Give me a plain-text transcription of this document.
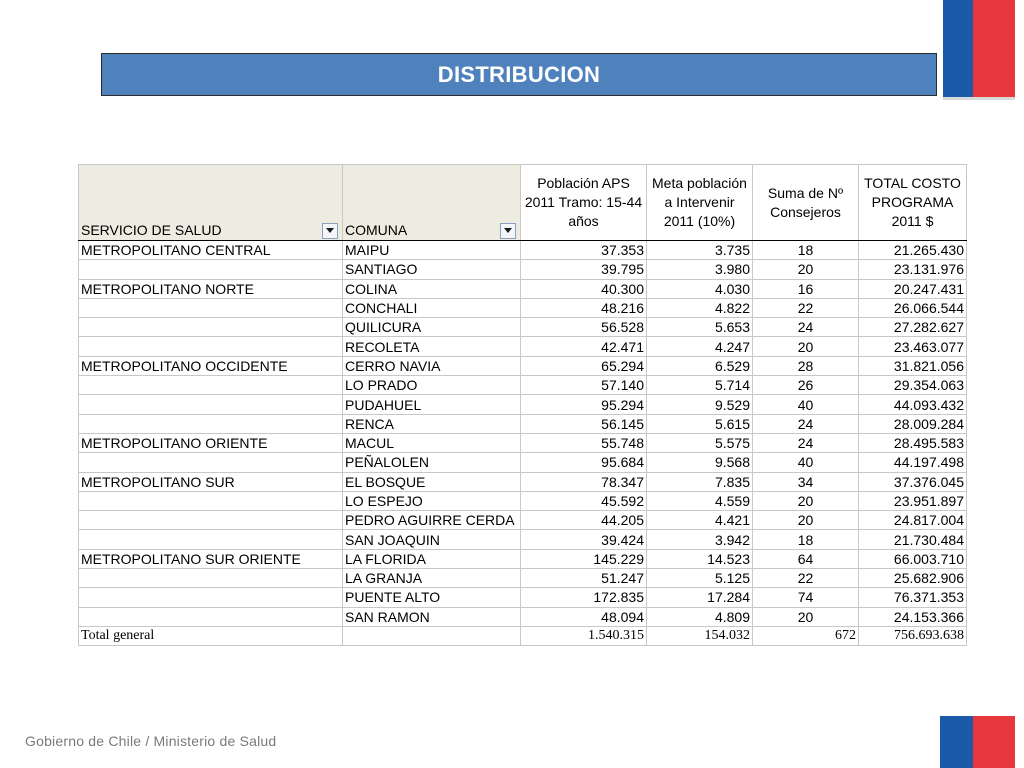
DISTRIBUCION
SERVICIO DE SALUD	COMUNA	Población APS 2011 Tramo: 15-44 años	Meta población a Intervenir 2011 (10%)	Suma de Nº Consejeros	TOTAL COSTO PROGRAMA 2011 $
METROPOLITANO CENTRAL	MAIPU	37.353	3.735	18	21.265.430
	SANTIAGO	39.795	3.980	20	23.131.976
METROPOLITANO NORTE	COLINA	40.300	4.030	16	20.247.431
	CONCHALI	48.216	4.822	22	26.066.544
	QUILICURA	56.528	5.653	24	27.282.627
	RECOLETA	42.471	4.247	20	23.463.077
METROPOLITANO OCCIDENTE	CERRO NAVIA	65.294	6.529	28	31.821.056
	LO PRADO	57.140	5.714	26	29.354.063
	PUDAHUEL	95.294	9.529	40	44.093.432
	RENCA	56.145	5.615	24	28.009.284
METROPOLITANO ORIENTE	MACUL	55.748	5.575	24	28.495.583
	PEÑALOLEN	95.684	9.568	40	44.197.498
METROPOLITANO SUR	EL BOSQUE	78.347	7.835	34	37.376.045
	LO ESPEJO	45.592	4.559	20	23.951.897
	PEDRO AGUIRRE CERDA	44.205	4.421	20	24.817.004
	SAN JOAQUIN	39.424	3.942	18	21.730.484
METROPOLITANO SUR ORIENTE	LA FLORIDA	145.229	14.523	64	66.003.710
	LA GRANJA	51.247	5.125	22	25.682.906
	PUENTE ALTO	172.835	17.284	74	76.371.353
	SAN RAMON	48.094	4.809	20	24.153.366
Total general		1.540.315	154.032	672	756.693.638
Gobierno de Chile / Ministerio de Salud
